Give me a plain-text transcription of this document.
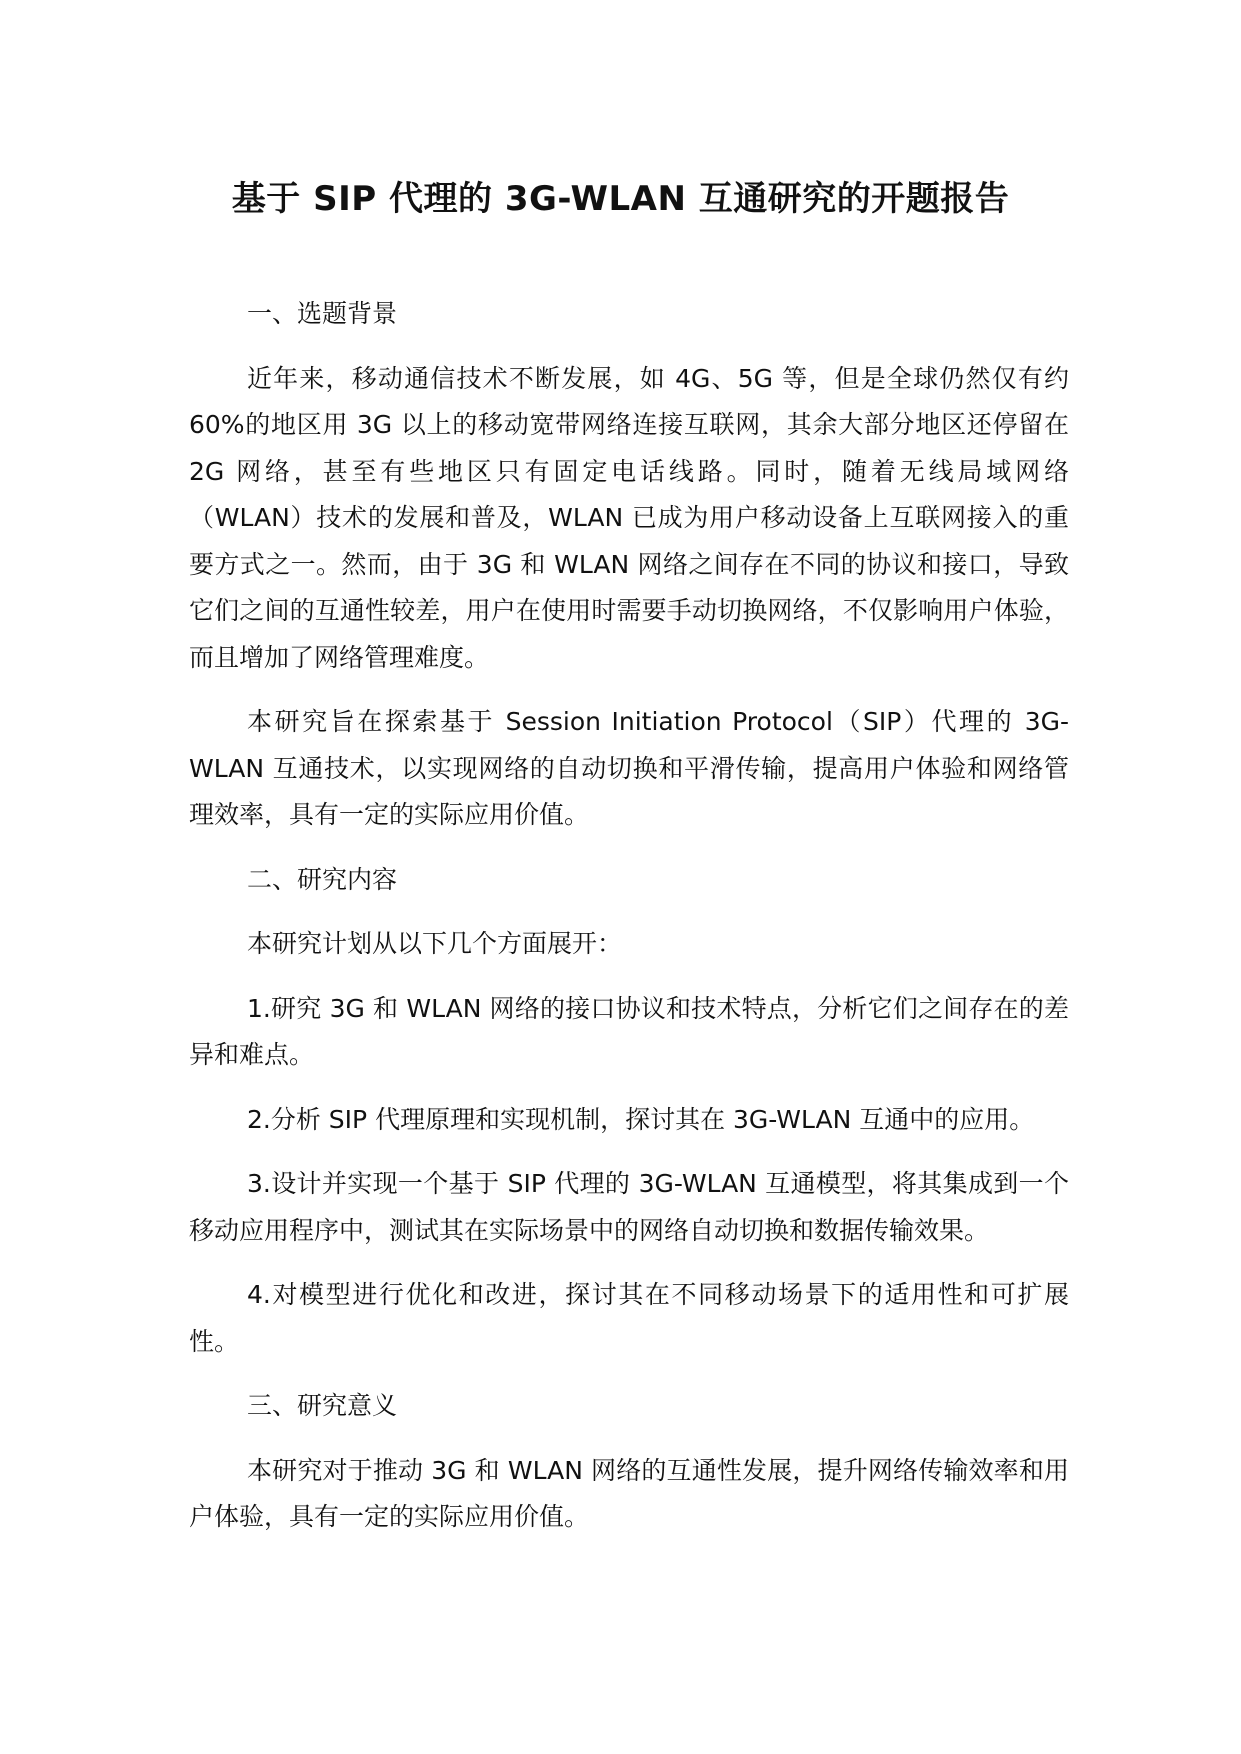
基于 SIP 代理的 3G-WLAN 互通研究的开题报告

一、选题背景

近年来，移动通信技术不断发展，如 4G、5G 等，但是全球仍然仅有约 60%的地区用 3G 以上的移动宽带网络连接互联网，其余大部分地区还停留在 2G 网络，甚至有些地区只有固定电话线路。同时，随着无线局域网络（WLAN）技术的发展和普及，WLAN 已成为用户移动设备上互联网接入的重要方式之一。然而，由于 3G 和 WLAN 网络之间存在不同的协议和接口，导致它们之间的互通性较差，用户在使用时需要手动切换网络，不仅影响用户体验，而且增加了网络管理难度。

本研究旨在探索基于 Session Initiation Protocol（SIP）代理的 3G-WLAN 互通技术，以实现网络的自动切换和平滑传输，提高用户体验和网络管理效率，具有一定的实际应用价值。

二、研究内容

本研究计划从以下几个方面展开：

1.研究 3G 和 WLAN 网络的接口协议和技术特点，分析它们之间存在的差异和难点。

2.分析 SIP 代理原理和实现机制，探讨其在 3G-WLAN 互通中的应用。

3.设计并实现一个基于 SIP 代理的 3G-WLAN 互通模型，将其集成到一个移动应用程序中，测试其在实际场景中的网络自动切换和数据传输效果。

4.对模型进行优化和改进，探讨其在不同移动场景下的适用性和可扩展性。

三、研究意义

本研究对于推动 3G 和 WLAN 网络的互通性发展，提升网络传输效率和用户体验，具有一定的实际应用价值。
